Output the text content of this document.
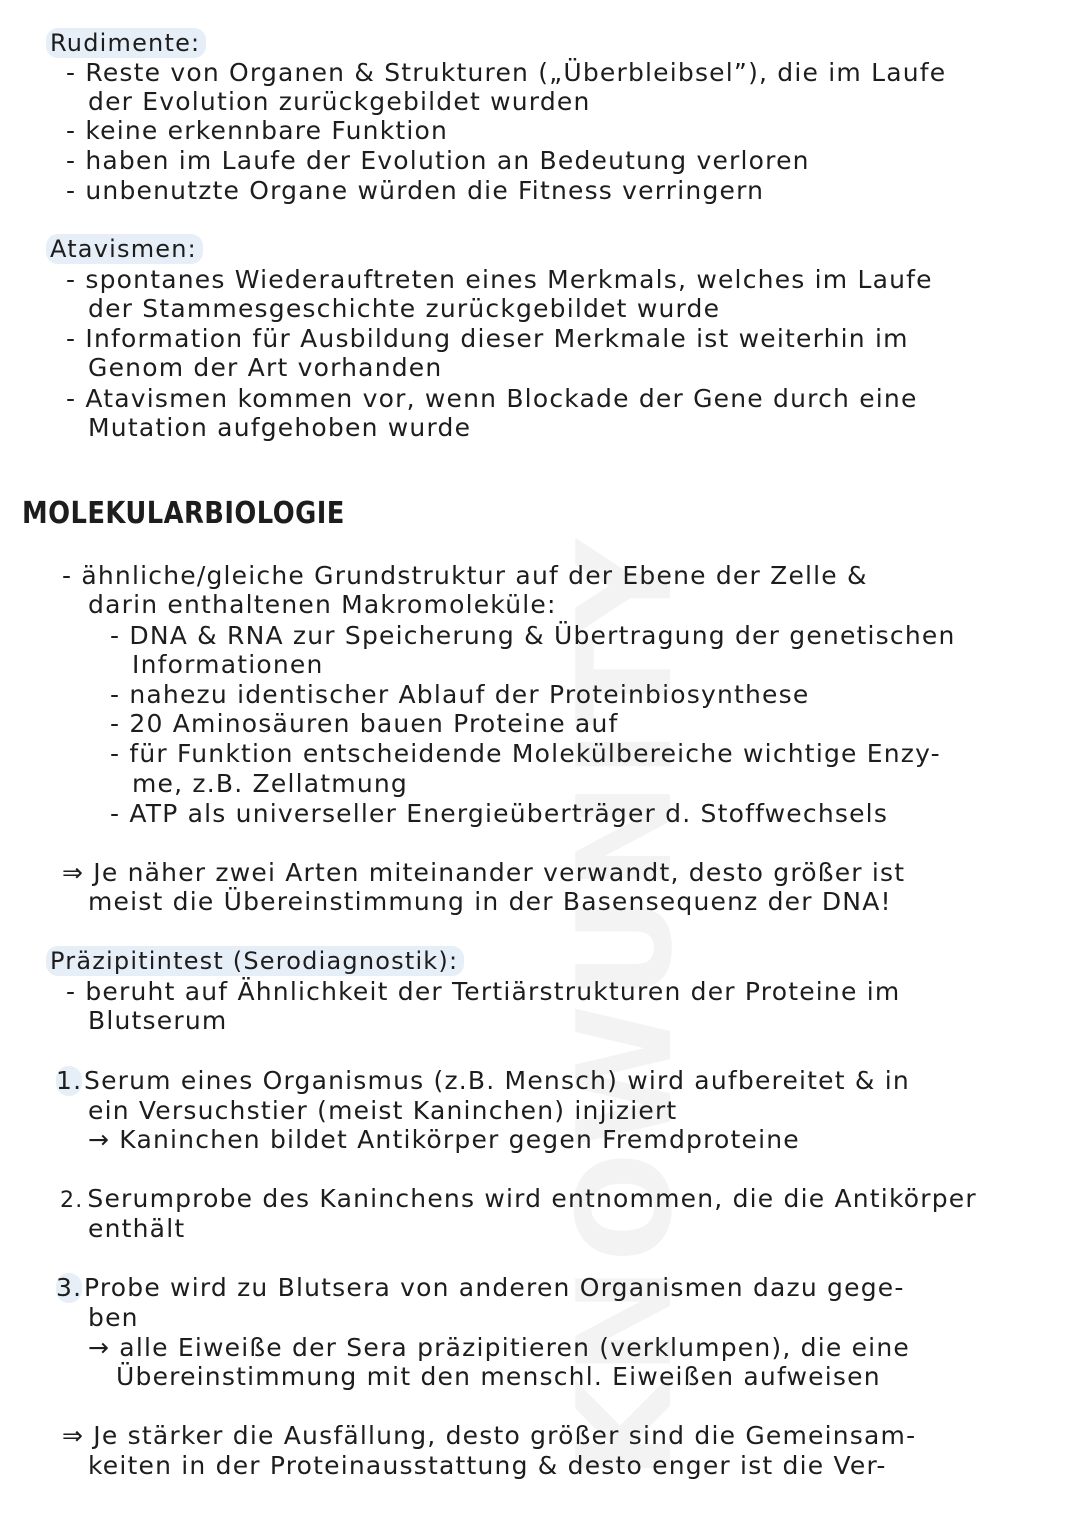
KNOWUNITY
Rudimente:
- Reste von Organen & Strukturen („Überbleibsel”), die im Laufe
der Evolution zurückgebildet wurden
- keine erkennbare Funktion
- haben im Laufe der Evolution an Bedeutung verloren
- unbenutzte Organe würden die Fitness verringern
Atavismen:
- spontanes Wiederauftreten eines Merkmals, welches im Laufe
der Stammesgeschichte zurückgebildet wurde
- Information für Ausbildung dieser Merkmale ist weiterhin im
Genom der Art vorhanden
- Atavismen kommen vor, wenn Blockade der Gene durch eine
Mutation aufgehoben wurde
MOLEKULARBIOLOGIE
- ähnliche/gleiche Grundstruktur auf der Ebene der Zelle &
darin enthaltenen Makromoleküle:
- DNA & RNA zur Speicherung & Übertragung der genetischen
Informationen
- nahezu identischer Ablauf der Proteinbiosynthese
- 20 Aminosäuren bauen Proteine auf
- für Funktion entscheidende Molekülbereiche wichtige Enzy-
me, z.B. Zellatmung
- ATP als universeller Energieüberträger d. Stoffwechsels
⇒ Je näher zwei Arten miteinander verwandt, desto größer ist
meist die Übereinstimmung in der Basensequenz der DNA!
Präzipitintest (Serodiagnostik):
- beruht auf Ähnlichkeit der Tertiärstrukturen der Proteine im
Blutserum
1.Serum eines Organismus (z.B. Mensch) wird aufbereitet & in
ein Versuchstier (meist Kaninchen) injiziert
→ Kaninchen bildet Antikörper gegen Fremdproteine
2. Serumprobe des Kaninchens wird entnommen, die die Antikörper
enthält
3.Probe wird zu Blutsera von anderen Organismen dazu gege-
ben
→ alle Eiweiße der Sera präzipitieren (verklumpen), die eine
Übereinstimmung mit den menschl. Eiweißen aufweisen
⇒ Je stärker die Ausfällung, desto größer sind die Gemeinsam-
keiten in der Proteinausstattung & desto enger ist die Ver-
